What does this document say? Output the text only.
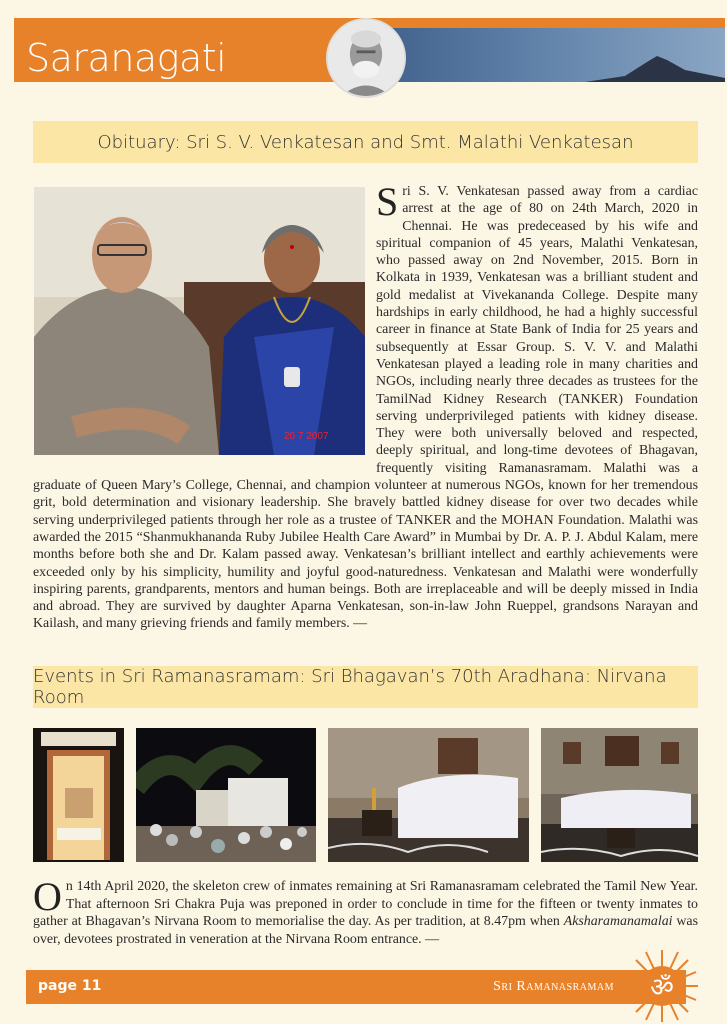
Saranagati
Obituary: Sri S. V. Venkatesan and Smt. Malathi Venkatesan
20 7 2007
S ri S. V. Venkatesan passed away from a cardiac arrest at the age of 80 on 24th March, 2020 in Chennai. He was predeceased by his wife and spiritual companion of 45 years, Malathi Venkatesan, who passed away on 2nd November, 2015. Born in Kolkata in 1939, Venkatesan was a brilliant student and gold medalist at Vivekananda College. Despite many hardships in early childhood, he had a highly successful career in finance at State Bank of India for 25 years and subsequently at Essar Group. S. V. V. and Malathi Venkatesan played a leading role in many charities and NGOs, including nearly three decades as trustees for the TamilNad Kidney Research (TANKER) Foundation serving underprivileged patients with kidney disease. They were both universally beloved and respected, deeply spiritual, and long-time devotees of Bhagavan, frequently visiting Ramanasramam. Malathi was a graduate of Queen Mary’s College, Chennai, and champion volunteer at numerous NGOs, known for her tremendous grit, bold determination and visionary leadership. She bravely battled kidney disease for over two decades while serving underprivileged patients through her role as a trustee of TANKER and the MOHAN Foundation. Malathi was awarded the 2015 “Shanmukhananda Ruby Jubilee Health Care Award” in Mumbai by Dr. A. P. J. Abdul Kalam, mere months before both she and Dr. Kalam passed away. Venkatesan’s brilliant intellect and earthly achievements were exceeded only by his simplicity, humility and joyful good-naturedness. Venkatesan and Malathi were wonderfully inspiring parents, grandparents, mentors and human beings. Both are irreplaceable and will be deeply missed in India and abroad. They are survived by daughter Aparna Venkatesan, son-in-law John Rueppel, grandsons Narayan and Kailash, and many grieving friends and family members. —
Events in Sri Ramanasramam: Sri Bhagavan’s 70th Aradhana: Nirvana Room
O n 14th April 2020, the skeleton crew of inmates remaining at Sri Ramanasramam celebrated the Tamil New Year. That afternoon Sri Chakra Puja was preponed in order to conclude in time for the fifteen or twenty inmates to gather at Bhagavan’s Nirvana Room to memorialise the day. As per tradition, at 8.47pm when Aksharamanamalai was over, devotees prostrated in veneration at the Nirvana Room entrance. —
page 11	Sri Ramanasramam ॐ
